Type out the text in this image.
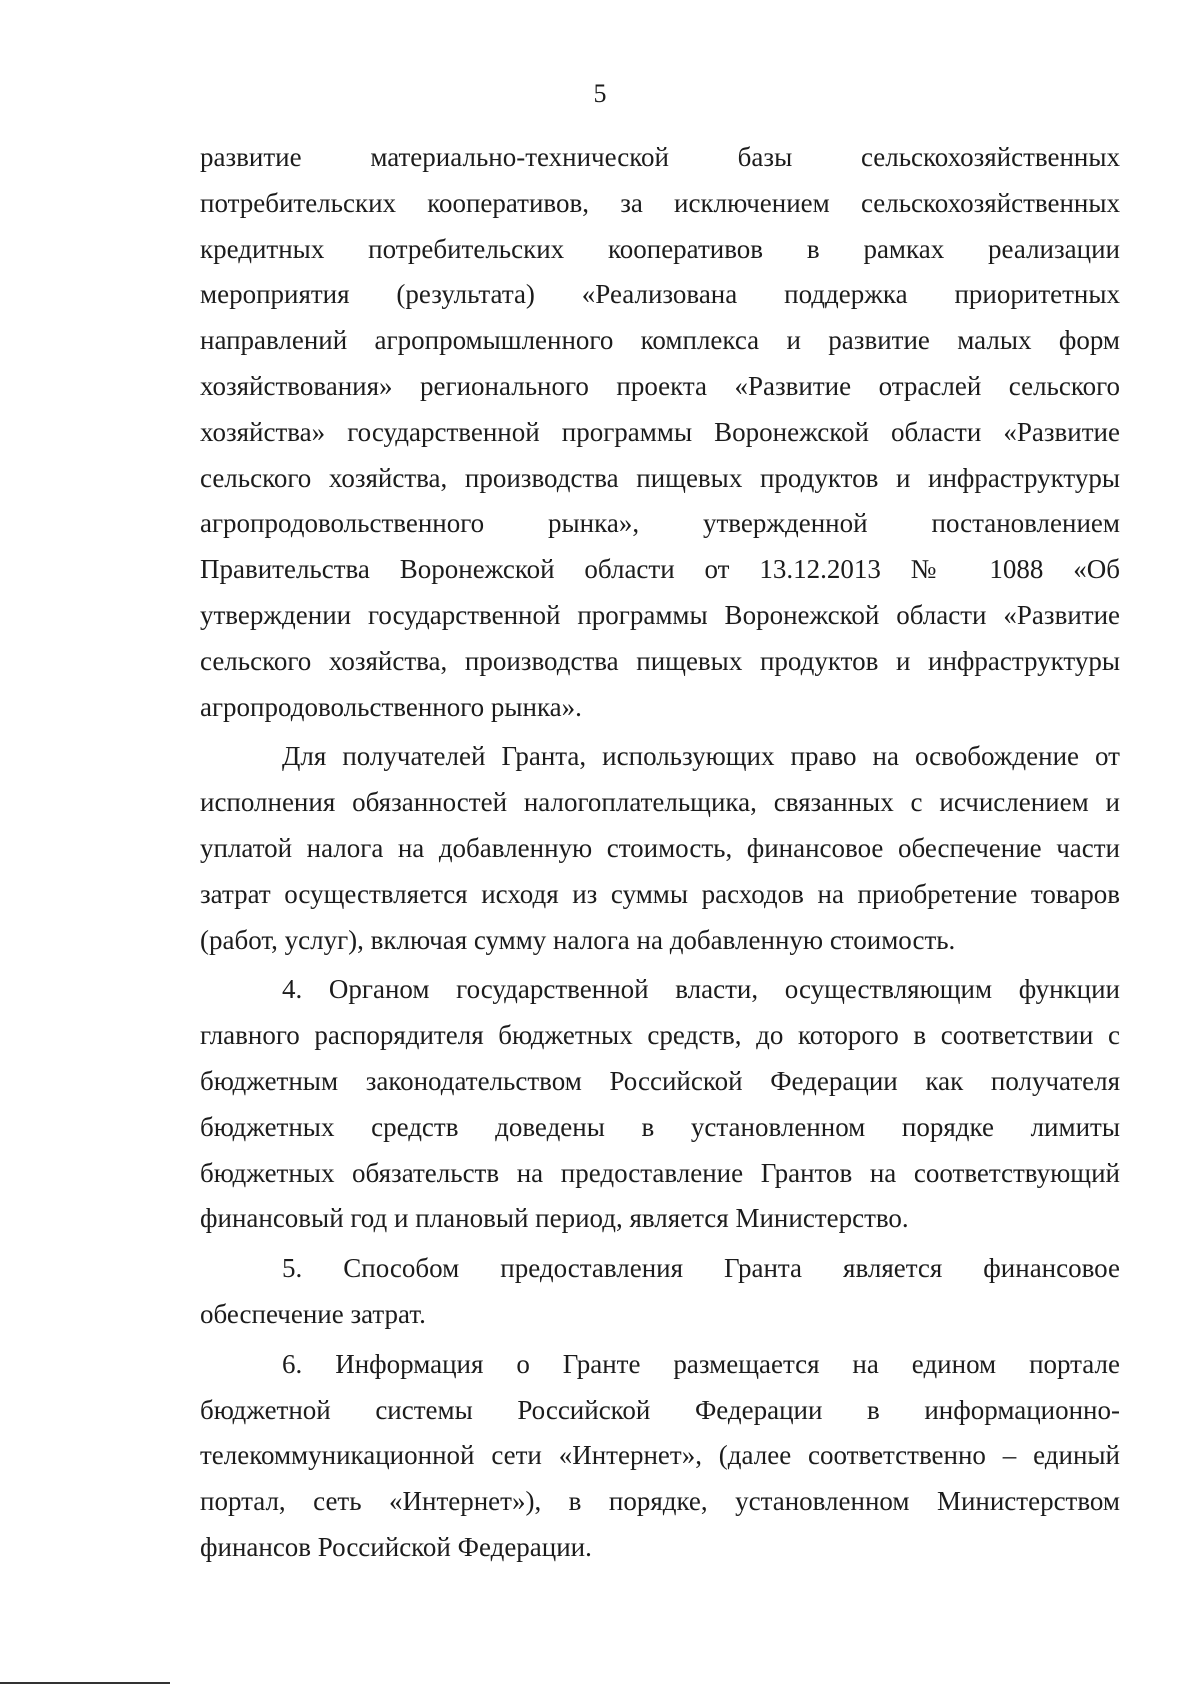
5

развитие материально-технической базы сельскохозяйственных
потребительских кооперативов, за исключением сельскохозяйственных
кредитных потребительских кооперативов в рамках реализации
мероприятия (результата) «Реализована поддержка приоритетных
направлений агропромышленного комплекса и развитие малых форм
хозяйствования» регионального проекта «Развитие отраслей сельского
хозяйства» государственной программы Воронежской области «Развитие
сельского хозяйства, производства пищевых продуктов и инфраструктуры
агропродовольственного рынка», утвержденной постановлением
Правительства Воронежской области от 13.12.2013 № 1088 «Об
утверждении государственной программы Воронежской области «Развитие
сельского хозяйства, производства пищевых продуктов и инфраструктуры
агропродовольственного рынка».

Для получателей Гранта, использующих право на освобождение от
исполнения обязанностей налогоплательщика, связанных с исчислением и
уплатой налога на добавленную стоимость, финансовое обеспечение части
затрат осуществляется исходя из суммы расходов на приобретение товаров
(работ, услуг), включая сумму налога на добавленную стоимость.

4. Органом государственной власти, осуществляющим функции
главного распорядителя бюджетных средств, до которого в соответствии с
бюджетным законодательством Российской Федерации как получателя
бюджетных средств доведены в установленном порядке лимиты
бюджетных обязательств на предоставление Грантов на соответствующий
финансовый год и плановый период, является Министерство.

5. Способом предоставления Гранта является финансовое
обеспечение затрат.

6. Информация о Гранте размещается на едином портале
бюджетной системы Российской Федерации в информационно-
телекоммуникационной сети «Интернет», (далее соответственно – единый
портал, сеть «Интернет»), в порядке, установленном Министерством
финансов Российской Федерации.
